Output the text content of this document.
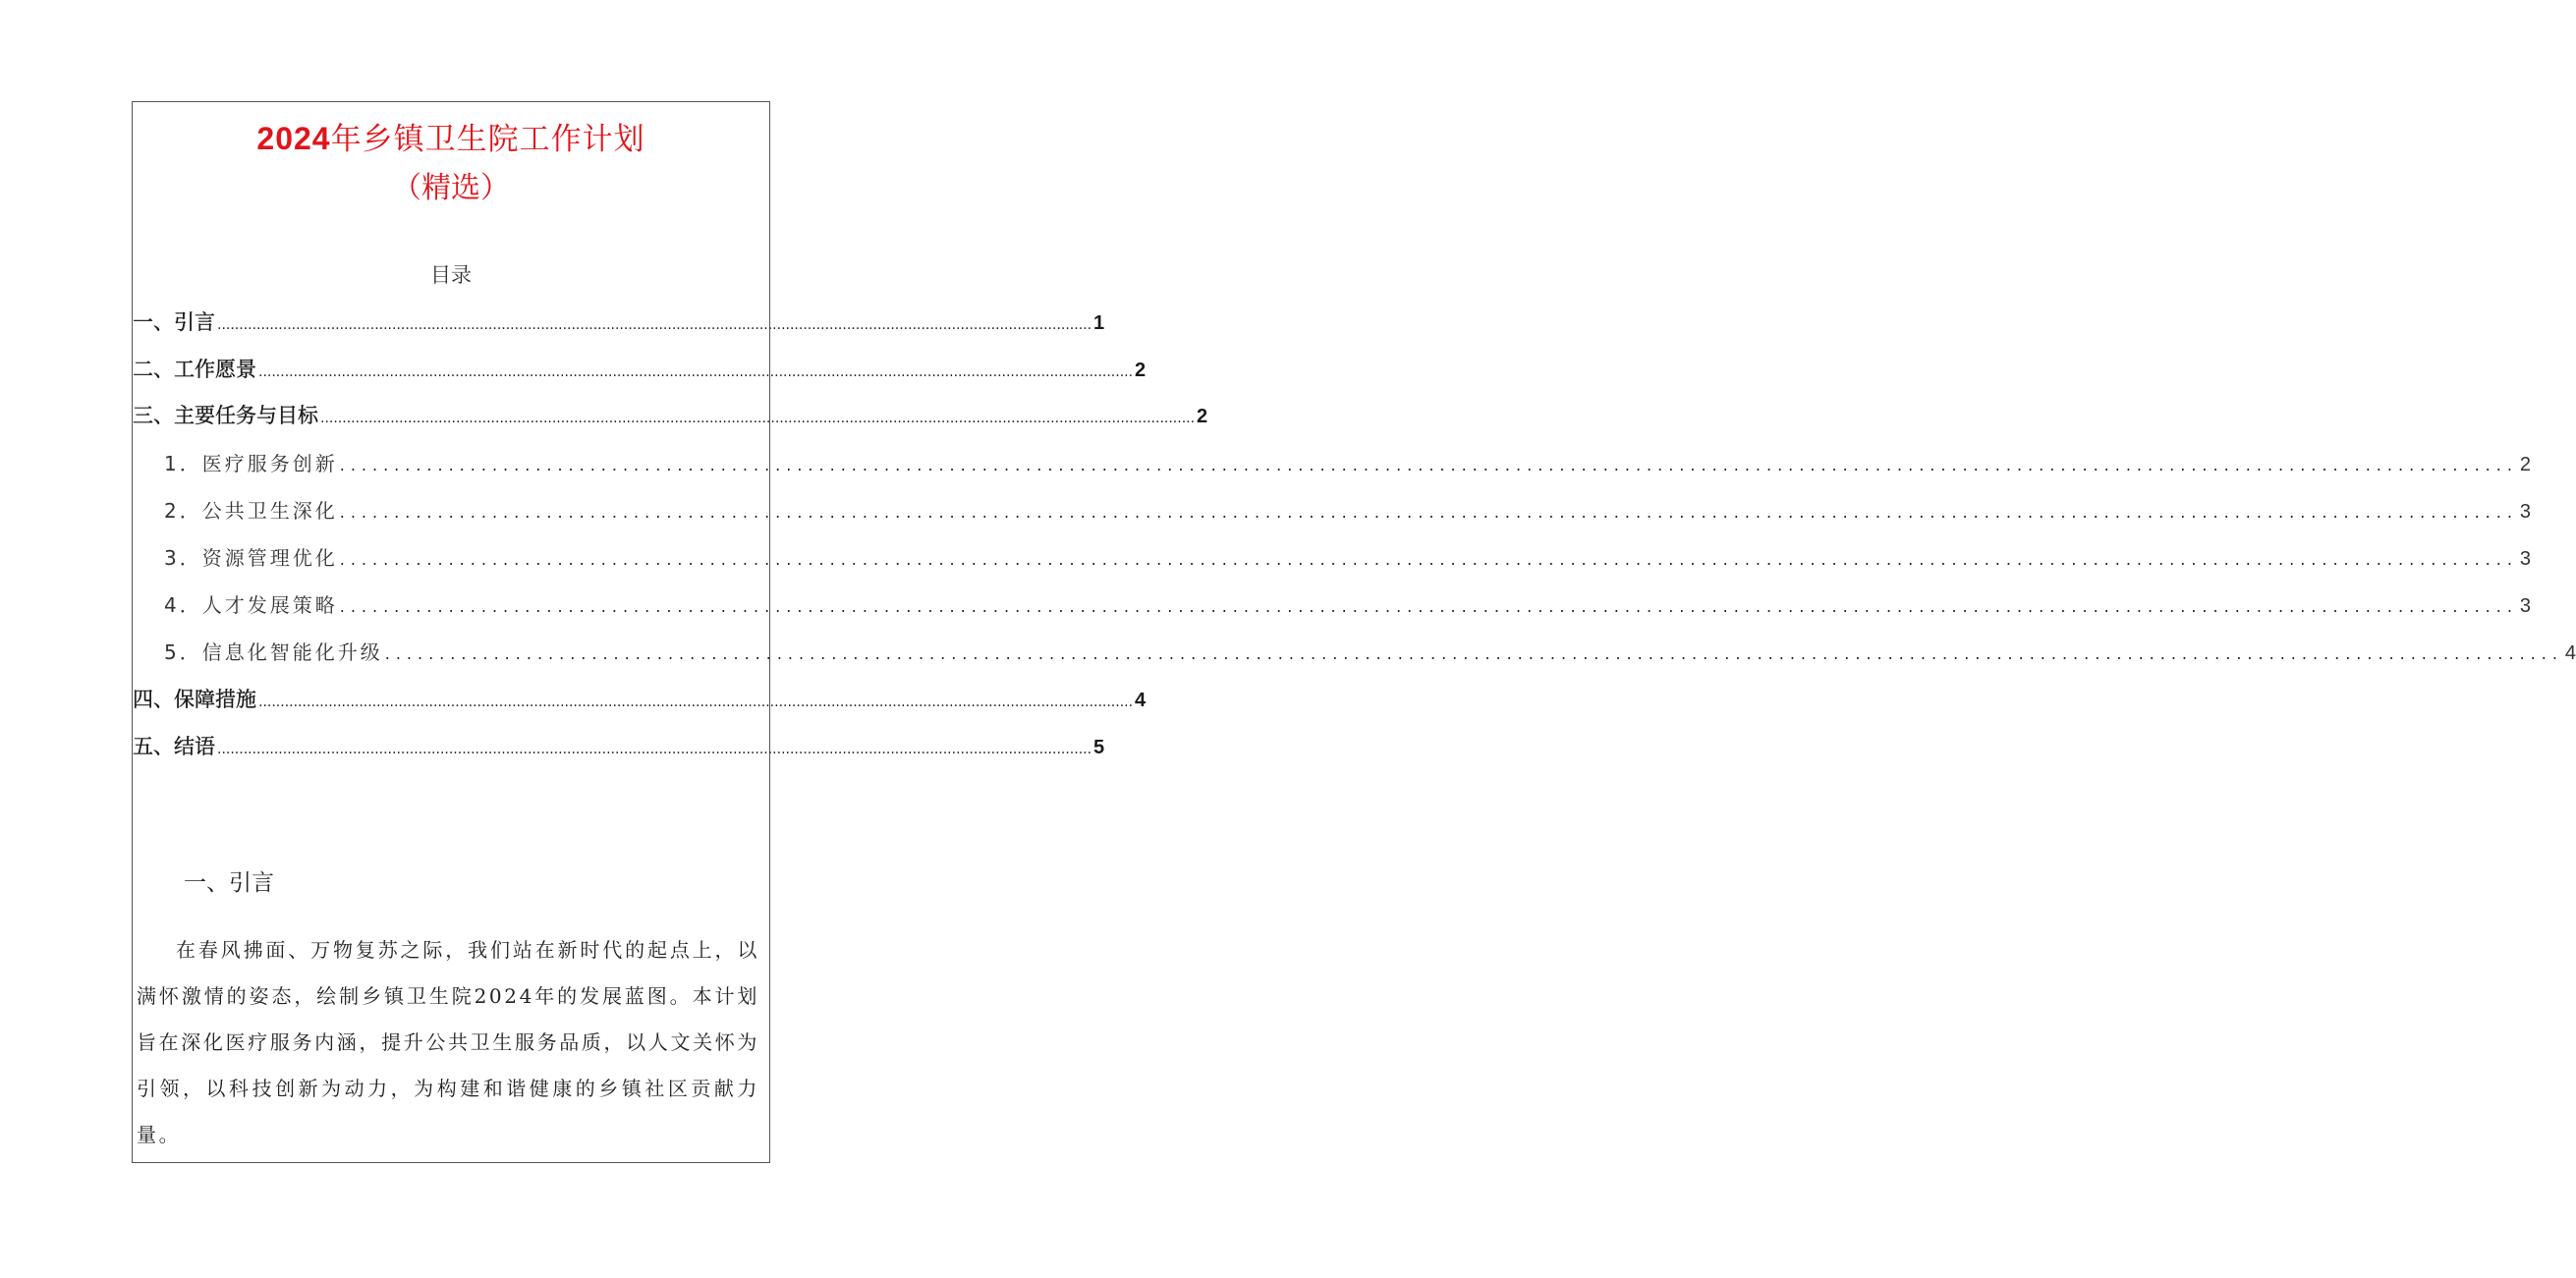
2024年乡镇卫生院工作计划
（精选）
目录
一、引言 ........................................................................................................................................................................................................ 1
二、工作愿景 ........................................................................................................................................................................................................ 2
三、主要任务与目标 ........................................................................................................................................................................................................ 2
1．医疗服务创新 ........................................................................................................................................................................................................ 2
2．公共卫生深化 ........................................................................................................................................................................................................ 3
3．资源管理优化 ........................................................................................................................................................................................................ 3
4．人才发展策略 ........................................................................................................................................................................................................ 3
5．信息化智能化升级 ........................................................................................................................................................................................................ 4
四、保障措施 ........................................................................................................................................................................................................ 4
五、结语 ........................................................................................................................................................................................................ 5
一、引言
在春风拂面、万物复苏之际，我们站在新时代的起点上，以满怀激情的姿态，绘制乡镇卫生院2024年的发展蓝图。本计划旨在深化医疗服务内涵，提升公共卫生服务品质，以人文关怀为引领，以科技创新为动力，为构建和谐健康的乡镇社区贡献力量。
